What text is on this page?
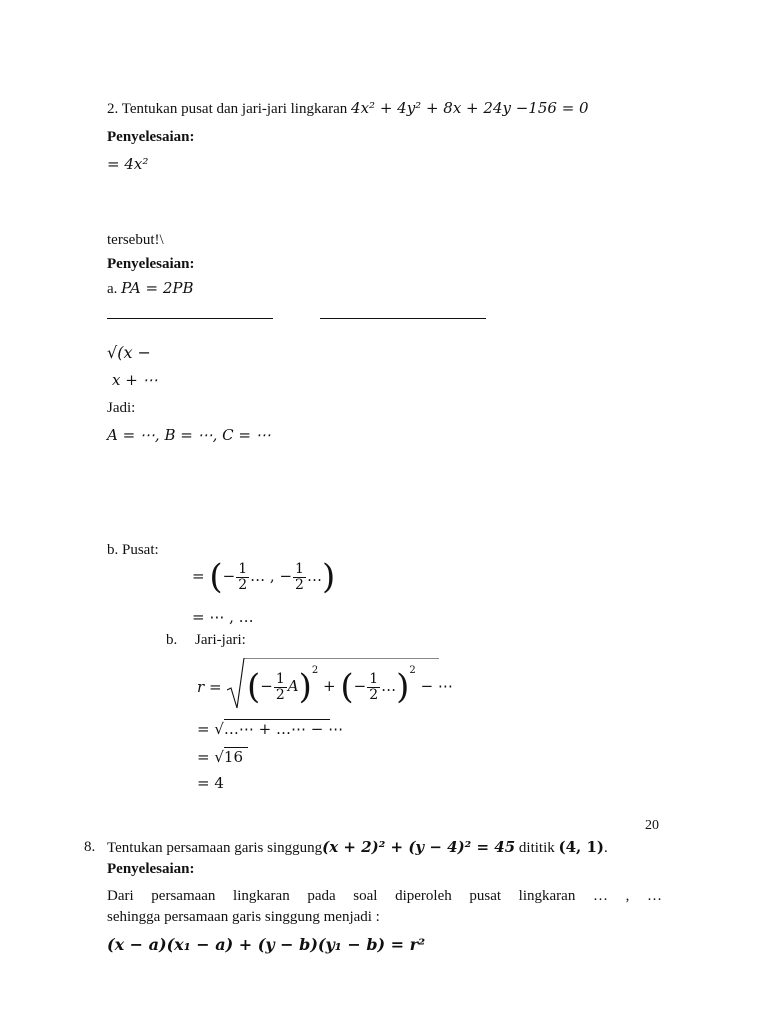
2. Tentukan pusat dan jari-jari lingkaran 4x² + 4y² + 8x + 24y −156 = 0
Penyelesaian:
= 4x²
tersebut!\
Penyelesaian:
a. PA = 2PB
√(x −
x + ⋯
Jadi:
A = ⋯, B = ⋯, C = ⋯
b. Pusat:
= (− $\frac{1}{2}$ … , − $\frac{1}{2}$ …)
= ⋯ , …
b. Jari-jari:
r = (− $\frac{1}{2} A)^2$ + (− $\frac{1}{2}$ …)$^2$ − ⋯
= √…⋯ + …⋯ − ⋯
= √16
= 4
20
8. Tentukan persamaan garis singgung(x + 2)² + (y − 4)² = 45 dititik (4, 1).
Penyelesaian:
Dari persamaan lingkaran pada soal diperoleh pusat lingkaran … , …
sehingga persamaan garis singgung menjadi :
(x − a)(x₁ − a) + (y − b)(y₁ − b) = r²
